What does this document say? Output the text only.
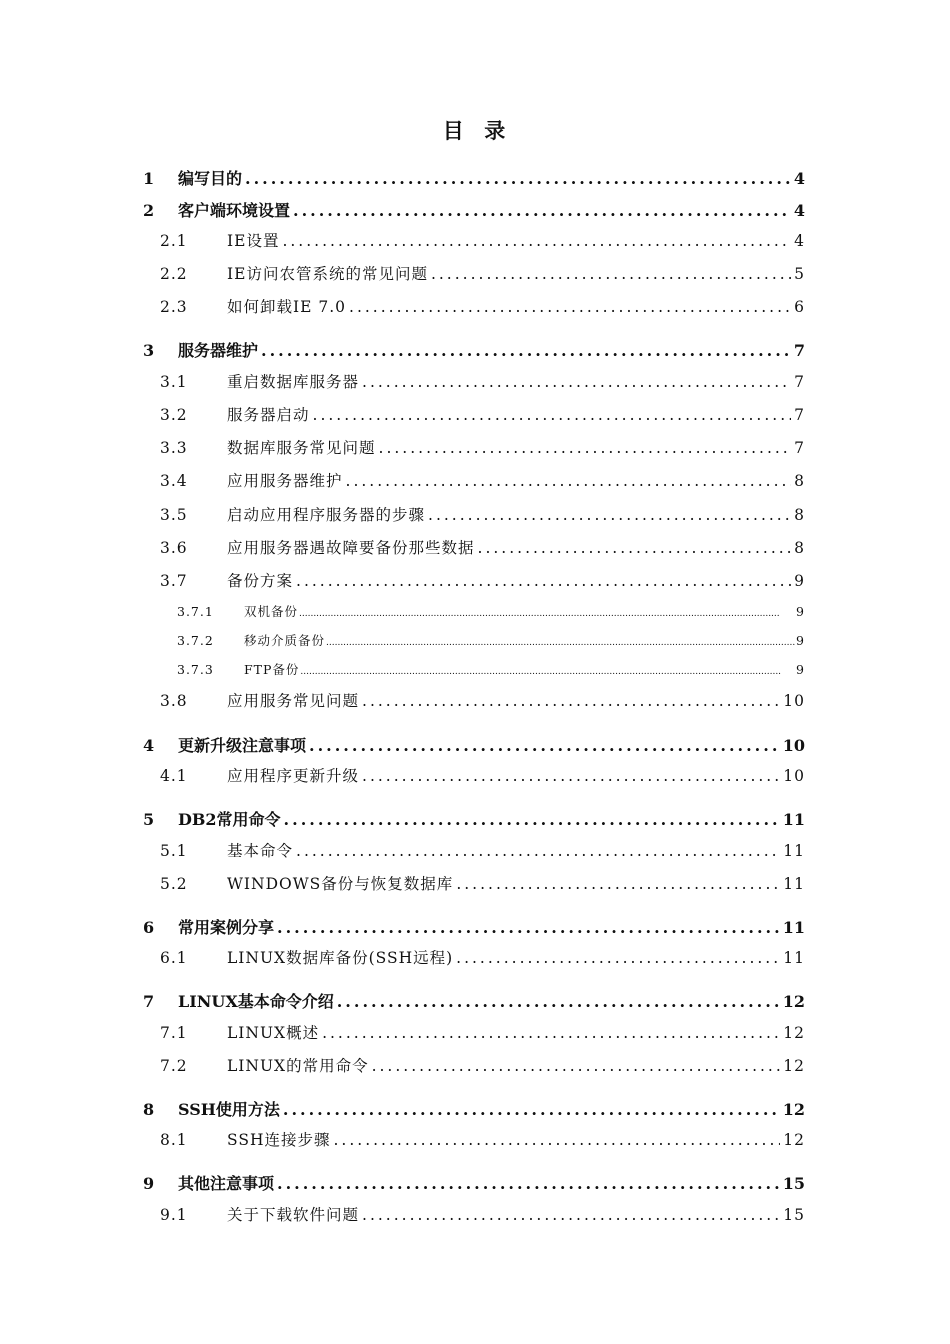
目  录
1	编写目的 .....	4
2	客户端环境设置 .....	4
2.1	IE设置 .....	4
2.2	IE访问农管系统的常见问题 .....	5
2.3	如何卸载IE 7.0 .....	6
3	服务器维护 .....	7
3.1	重启数据库服务器 .....	7
3.2	服务器启动 .....	7
3.3	数据库服务常见问题 .....	7
3.4	应用服务器维护 .....	8
3.5	启动应用程序服务器的步骤 .....	8
3.6	应用服务器遇故障要备份那些数据 .....	8
3.7	备份方案 .....	9
3.7.1	双机备份 .....	9
3.7.2	移动介质备份 .....	9
3.7.3	FTP备份 .....	9
3.8	应用服务常见问题 .....	10
4	更新升级注意事项 .....	10
4.1	应用程序更新升级 .....	10
5	DB2常用命令 .....	11
5.1	基本命令 .....	11
5.2	WINDOWS备份与恢复数据库 .....	11
6	常用案例分享 .....	11
6.1	LINUX数据库备份(SSH远程) .....	11
7	LINUX基本命令介绍 .....	12
7.1	LINUX概述 .....	12
7.2	LINUX的常用命令 .....	12
8	SSH使用方法 .....	12
8.1	SSH连接步骤 .....	12
9	其他注意事项 .....	15
9.1	关于下载软件问题 .....	15
